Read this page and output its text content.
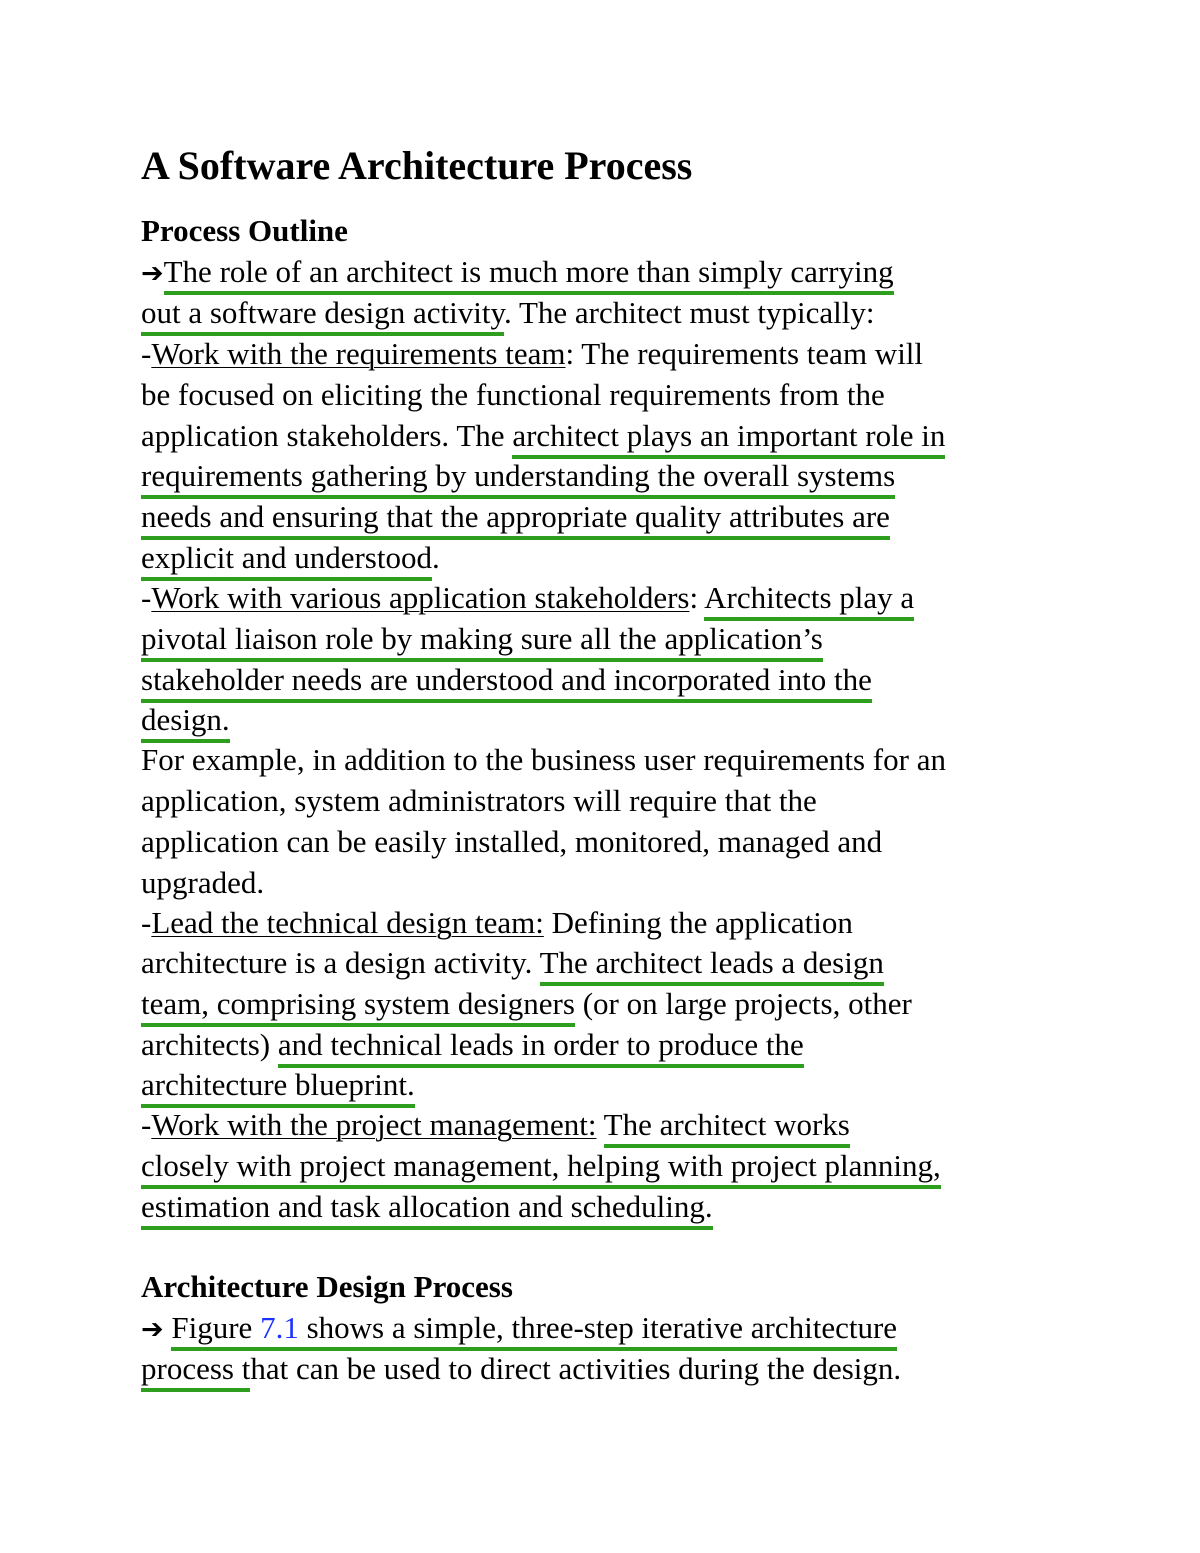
A Software Architecture Process
Process Outline
➔The role of an architect is much more than simply carrying
out a software design activity. The architect must typically:
-Work with the requirements team: The requirements team will
be focused on eliciting the functional requirements from the
application stakeholders. The architect plays an important role in
requirements gathering by understanding the overall systems
needs and ensuring that the appropriate quality attributes are
explicit and understood.
-Work with various application stakeholders: Architects play a
pivotal liaison role by making sure all the application’s
stakeholder needs are understood and incorporated into the
design.
For example, in addition to the business user requirements for an
application, system administrators will require that the
application can be easily installed, monitored, managed and
upgraded.
-Lead the technical design team: Defining the application
architecture is a design activity. The architect leads a design
team, comprising system designers (or on large projects, other
architects) and technical leads in order to produce the
architecture blueprint.
-Work with the project management: The architect works
closely with project management, helping with project planning,
estimation and task allocation and scheduling.
Architecture Design Process
➔ Figure 7.1 shows a simple, three-step iterative architecture
process that can be used to direct activities during the design.
